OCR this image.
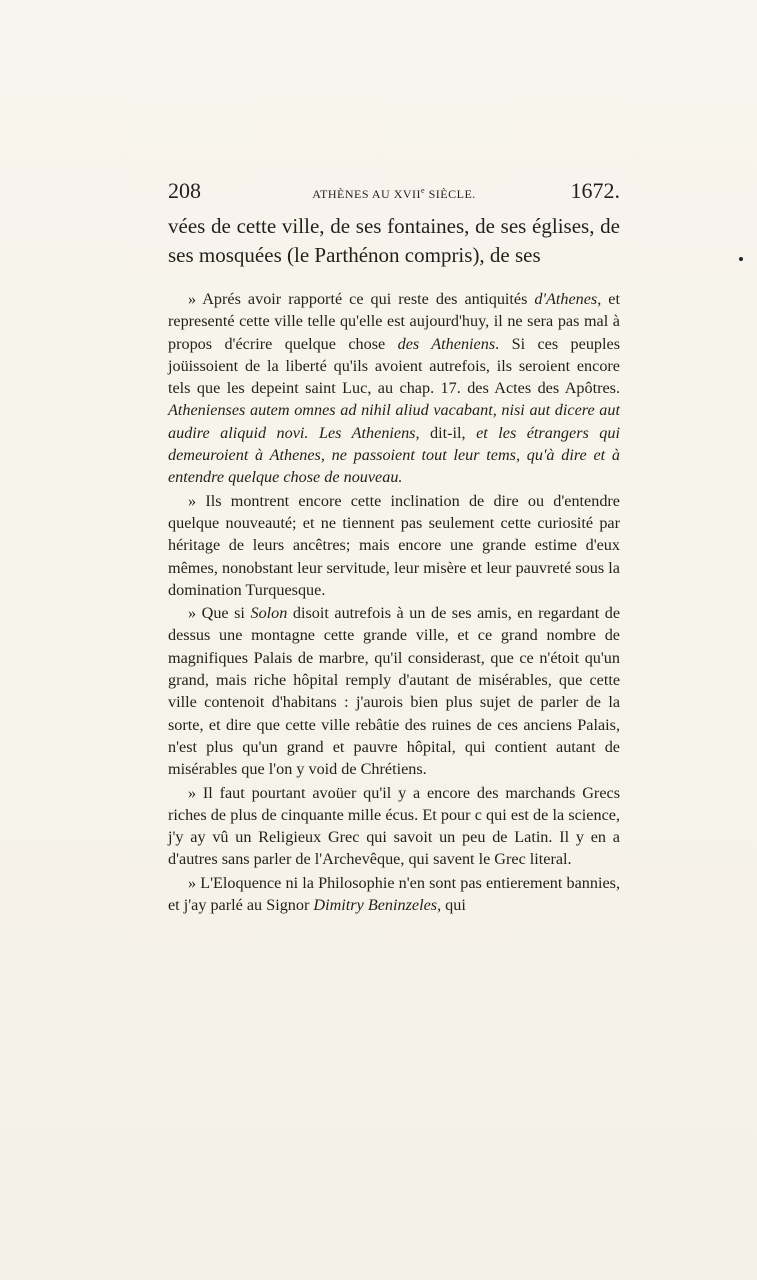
208	ATHÈNES AU XVIIe SIÈCLE.	1672.

vées de cette ville, de ses fontaines, de ses églises, de ses mosquées (le Parthénon compris), de ses

» Aprés avoir rapporté ce qui reste des antiquités d'Athenes, et representé cette ville telle qu'elle est aujourd'huy, il ne sera pas mal à propos d'écrire quelque chose des Atheniens. Si ces peuples joüissoient de la liberté qu'ils avoient autrefois, ils seroient encore tels que les depeint saint Luc, au chap. 17. des Actes des Apôtres. Athenienses autem omnes ad nihil aliud vacabant, nisi aut dicere aut audire aliquid novi. Les Atheniens, dit-il, et les étrangers qui demeuroient à Athenes, ne passoient tout leur tems, qu'à dire et à entendre quelque chose de nouveau.

» Ils montrent encore cette inclination de dire ou d'entendre quelque nouveauté; et ne tiennent pas seulement cette curiosité par héritage de leurs ancêtres; mais encore une grande estime d'eux mêmes, nonobstant leur servitude, leur misère et leur pauvreté sous la domination Turquesque.

» Que si Solon disoit autrefois à un de ses amis, en regardant de dessus une montagne cette grande ville, et ce grand nombre de magnifiques Palais de marbre, qu'il considerast, que ce n'étoit qu'un grand, mais riche hôpital remply d'autant de misérables, que cette ville contenoit d'habitans : j'aurois bien plus sujet de parler de la sorte, et dire que cette ville rebâtie des ruines de ces anciens Palais, n'est plus qu'un grand et pauvre hôpital, qui contient autant de misérables que l'on y void de Chrétiens.

» Il faut pourtant avoüer qu'il y a encore des marchands Grecs riches de plus de cinquante mille écus. Et pour c qui est de la science, j'y ay vû un Religieux Grec qui savoit un peu de Latin. Il y en a d'autres sans parler de l'Archevêque, qui savent le Grec literal.

» L'Eloquence ni la Philosophie n'en sont pas entierement bannies, et j'ay parlé au Signor Dimitry Beninzeles, qui
